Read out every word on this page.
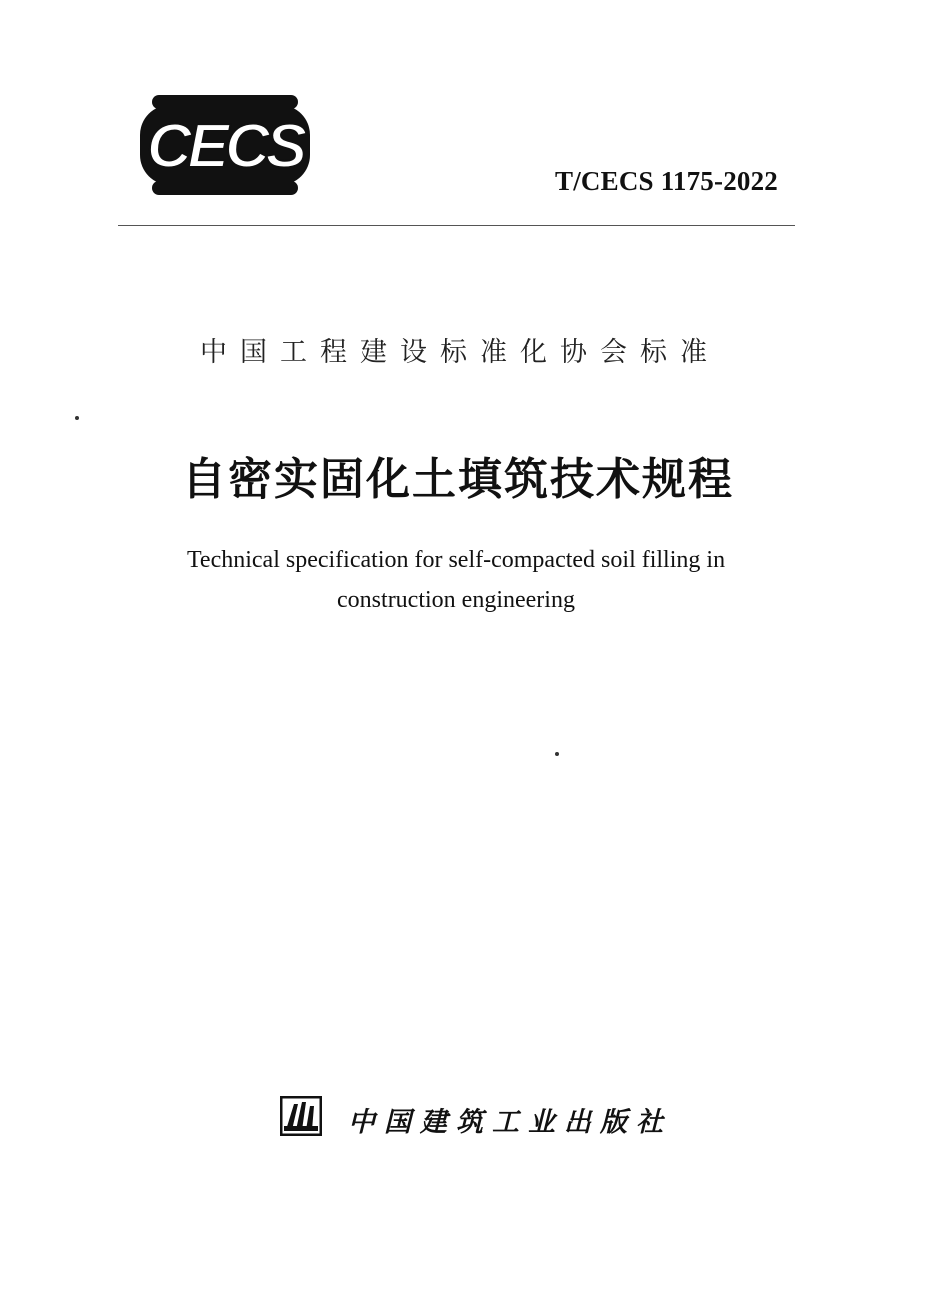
CECS	T/CECS 1175-2022
中国工程建设标准化协会标准
自密实固化土填筑技术规程
Technical specification for self-compacted soil filling in
construction engineering
中国建筑工业出版社
